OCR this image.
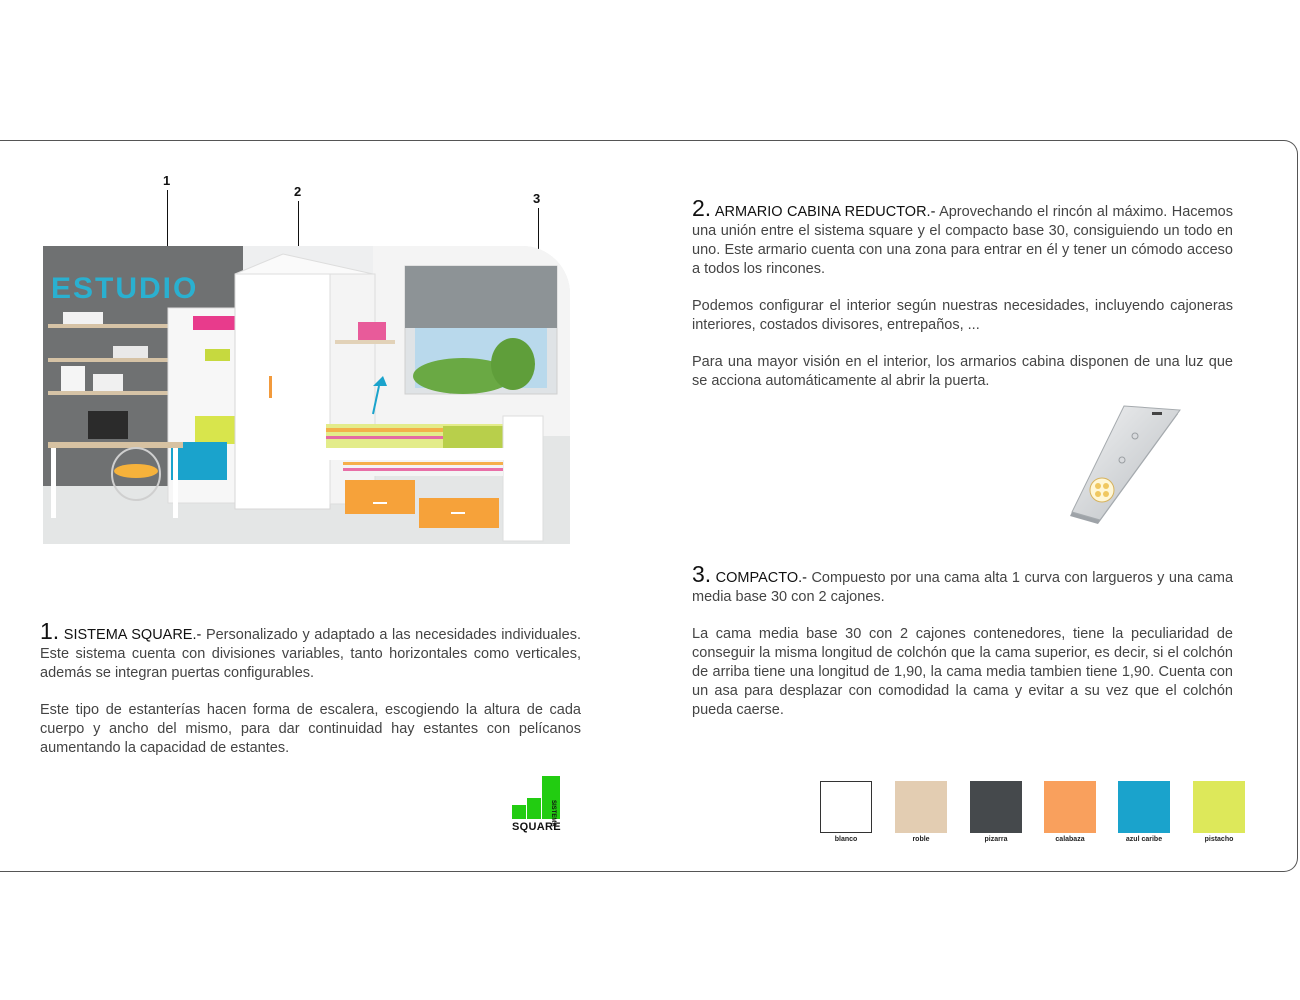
1
2	3
ESTUDIO

1. SISTEMA SQUARE.- Personalizado y adaptado a las necesidades individuales. Este sistema cuenta con divisiones variables, tanto horizontales como verticales, además se integran puertas configurables.

Este tipo de estanterías hacen forma de escalera, escogiendo la altura de cada cuerpo y ancho del mismo, para dar continuidad hay estantes con pelícanos aumentando la capacidad de estantes.

2. ARMARIO CABINA REDUCTOR.- Aprovechando el rincón al máximo. Hacemos una unión entre el sistema square y el compacto base 30, consiguiendo un todo en uno. Este armario cuenta con una zona para entrar en él y tener un cómodo acceso a todos los rincones.

Podemos configurar el interior según nuestras necesidades, incluyendo cajoneras interiores, costados divisores, entrepaños, ...

Para una mayor visión en el interior, los armarios cabina disponen de una luz que se acciona automáticamente al abrir la puerta.

3. COMPACTO.- Compuesto por una cama alta 1 curva con largueros y una cama media base 30 con 2 cajones.

La cama media base 30 con 2 cajones contenedores, tiene la peculiaridad de conseguir la misma longitud de colchón que la cama superior, es decir, si el colchón de arriba tiene una longitud de 1,90, la cama media tambien tiene 1,90. Cuenta con un asa para desplazar con comodidad la cama y evitar a su vez que el colchón pueda caerse.

SQUARE
SISTEMA
blanco	roble	pizarra	calabaza	azul caribe	pistacho
